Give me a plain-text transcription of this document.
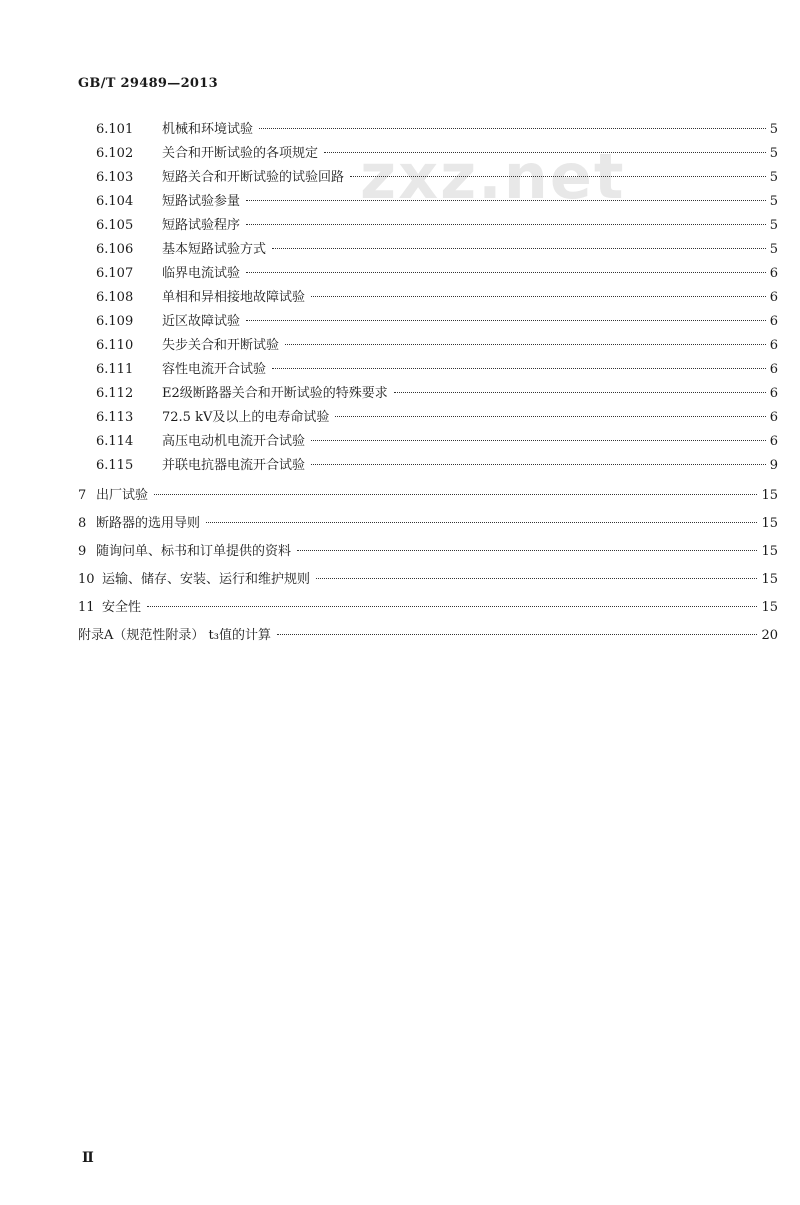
GB/T 29489—2013
zxz.net
6.101	机械和环境试验	5
6.102	关合和开断试验的各项规定	5
6.103	短路关合和开断试验的试验回路	5
6.104	短路试验参量	5
6.105	短路试验程序	5
6.106	基本短路试验方式	5
6.107	临界电流试验	6
6.108	单相和异相接地故障试验	6
6.109	近区故障试验	6
6.110	失步关合和开断试验	6
6.111	容性电流开合试验	6
6.112	E2级断路器关合和开断试验的特殊要求	6
6.113	72.5 kV及以上的电寿命试验	6
6.114	高压电动机电流开合试验	6
6.115	并联电抗器电流开合试验	9
7 出厂试验	15
8 断路器的选用导则	15
9 随询问单、标书和订单提供的资料	15
10 运输、储存、安装、运行和维护规则	15
11 安全性	15
附录A（规范性附录） t₃值的计算	20
Ⅱ
